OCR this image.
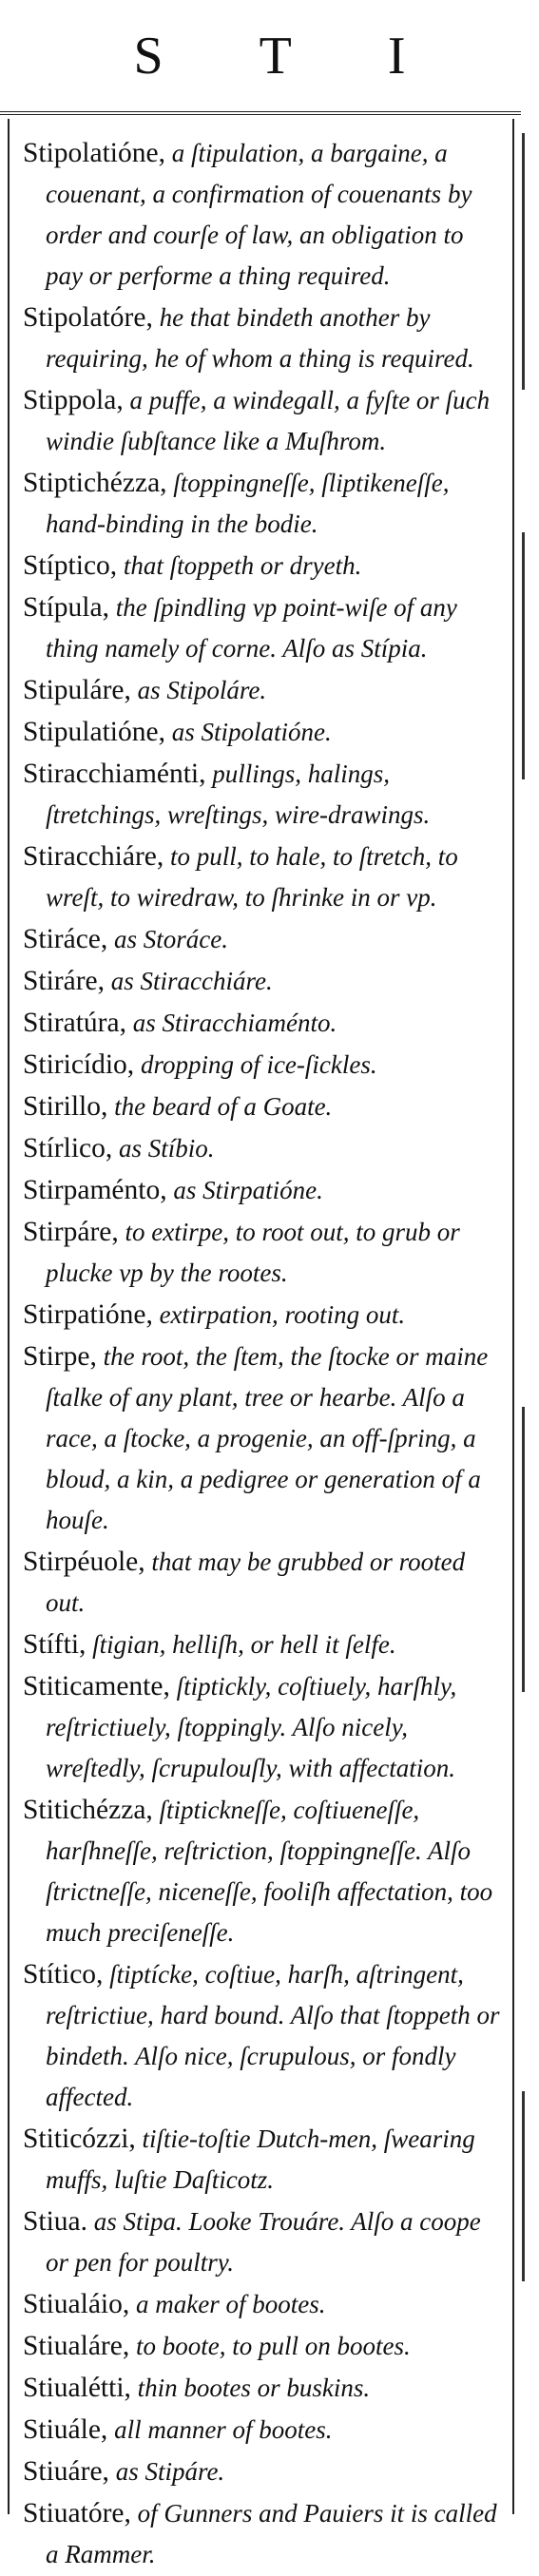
S T I
Stipolatióne, a ſtipulation, a bargaine, a couenant, a confirmation of couenants by order and courſe of law, an obligation to pay or performe a thing required.
Stipolatóre, he that bindeth another by requiring, he of whom a thing is required.
Stippola, a puffe, a windegall, a fyſte or ſuch windie ſubſtance like a Muſhrom.
Stiptichézza, ſtoppingneſſe, ſliptikeneſſe, hand-binding in the bodie.
Stíptico, that ſtoppeth or dryeth.
Stípula, the ſpindling vp point-wiſe of any thing namely of corne. Alſo as Stípia.
Stipuláre, as Stipoláre.
Stipulatióne, as Stipolatióne.
Stiracchiaménti, pullings, halings, ſtretchings, wreſtings, wire-drawings.
Stiracchiáre, to pull, to hale, to ſtretch, to wreſt, to wiredraw, to ſhrinke in or vp.
Stiráce, as Storáce.
Stiráre, as Stiracchiáre.
Stiratúra, as Stiracchiaménto.
Stiricídio, dropping of ice-ſickles.
Stirillo, the beard of a Goate.
Stírlico, as Stíbio.
Stirpaménto, as Stirpatióne.
Stirpáre, to extirpe, to root out, to grub or plucke vp by the rootes.
Stirpatióne, extirpation, rooting out.
Stirpe, the root, the ſtem, the ſtocke or maine ſtalke of any plant, tree or hearbe. Alſo a race, a ſtocke, a progenie, an off-ſpring, a bloud, a kin, a pedigree or generation of a houſe.
Stirpéuole, that may be grubbed or rooted out.
Stífti, ſtigian, helliſh, or hell it ſelfe.
Stiticamente, ſtiptickly, coſtiuely, harſhly, reſtrictiuely, ſtoppingly. Alſo nicely, wreſtedly, ſcrupulouſly, with affectation.
Stitichézza, ſtiptickneſſe, coſtiueneſſe, harſhneſſe, reſtriction, ſtoppingneſſe. Alſo ſtrictneſſe, niceneſſe, fooliſh affectation, too much preciſeneſſe.
Stítico, ſtiptícke, coſtiue, harſh, aſtringent, reſtrictiue, hard bound. Alſo that ſtoppeth or bindeth. Alſo nice, ſcrupulous, or fondly affected.
Stiticózzi, tiſtie-toſtie Dutch-men, ſwearing muffs, luſtie Daſticotz.
Stiua. as Stipa. Looke Trouáre. Alſo a coope or pen for poultry.
Stiualáio, a maker of bootes.
Stiualáre, to boote, to pull on bootes.
Stiualétti, thin bootes or buskins.
Stiuále, all manner of bootes.
Stiuáre, as Stipáre.
Stiuatóre, of Gunners and Pauiers it is called a Rammer.
